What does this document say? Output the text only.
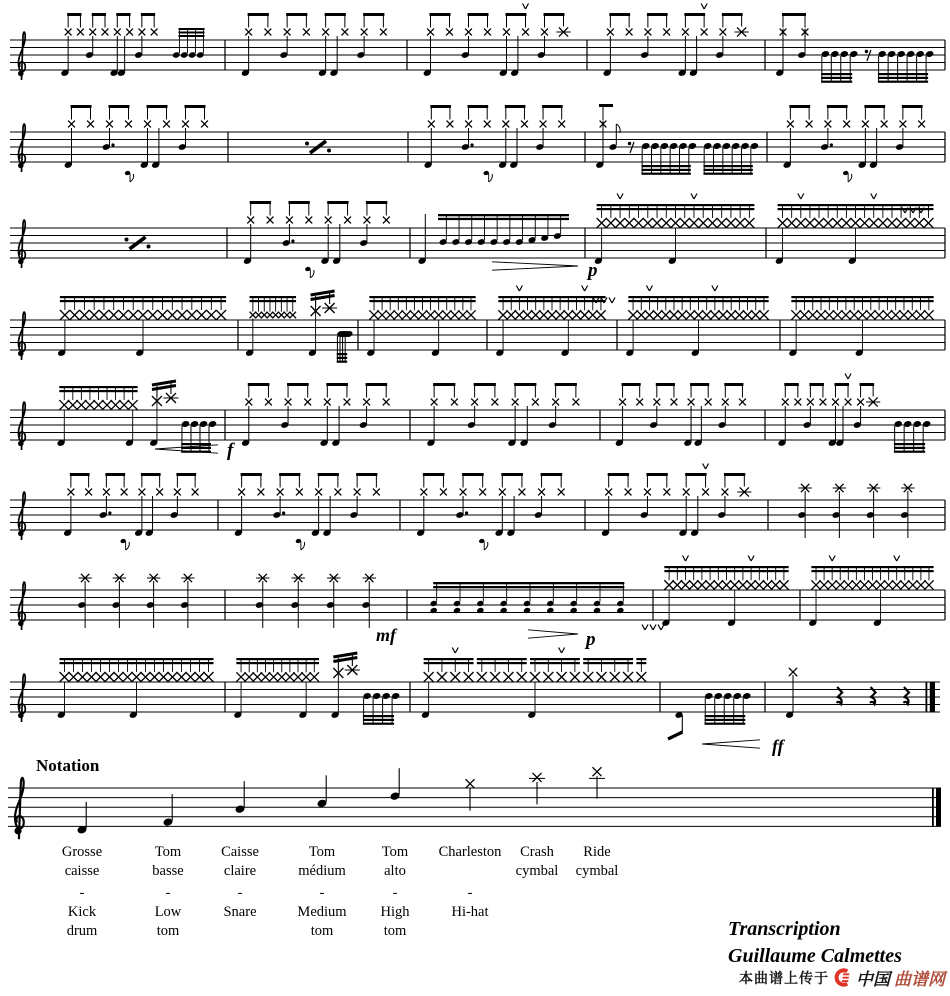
p
f
mf	p
ff
Notation
Grosse
caisse
-
Kick
drum
Tom
basse
-
Low
tom
Caisse
claire
-
Snare
Tom
médium
-
Medium
tom
Tom
alto
-
High
tom
Charleston
-
Hi-hat
Crash
cymbal
Ride
cymbal
Transcription
Guillaume Calmettes
本曲谱上传于 中国 曲谱网
